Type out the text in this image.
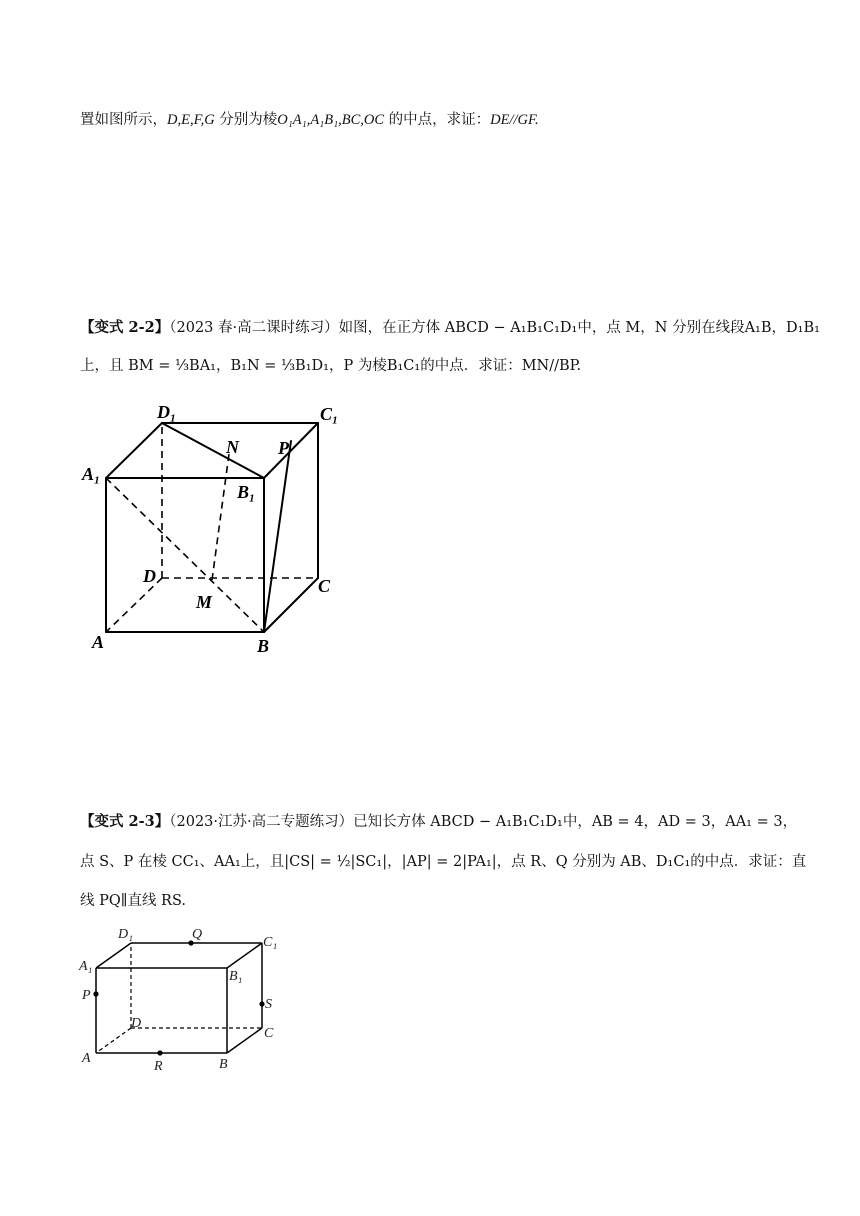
置如图所示，D,E,F,G 分别为棱O₁A₁,A₁B₁,BC,OC 的中点，求证：DE//GF.
【变式 2-2】（2023 春·高二课时练习）如图，在正方体 ABCD − A₁B₁C₁D₁中，点 M，N 分别在线段A₁B，D₁B₁
上，且 BM = ⅓BA₁，B₁N = ⅓B₁D₁，P 为棱B₁C₁的中点．求证：MN//BP.
D₁	C₁
A₁
B₁
N P
D	C
M
A	B
【变式 2-3】（2023·江苏·高二专题练习）已知长方体 ABCD − A₁B₁C₁D₁中，AB = 4，AD = 3，AA₁ = 3，
点 S、P 在棱 CC₁、AA₁上，且|CS| = ½|SC₁|，|AP| = 2|PA₁|，点 R、Q 分别为 AB、D₁C₁的中点．求证：直
线 PQ∥直线 RS.
D₁	Q
C₁
A₁
B₁
P
S
D
C
A
R	B
